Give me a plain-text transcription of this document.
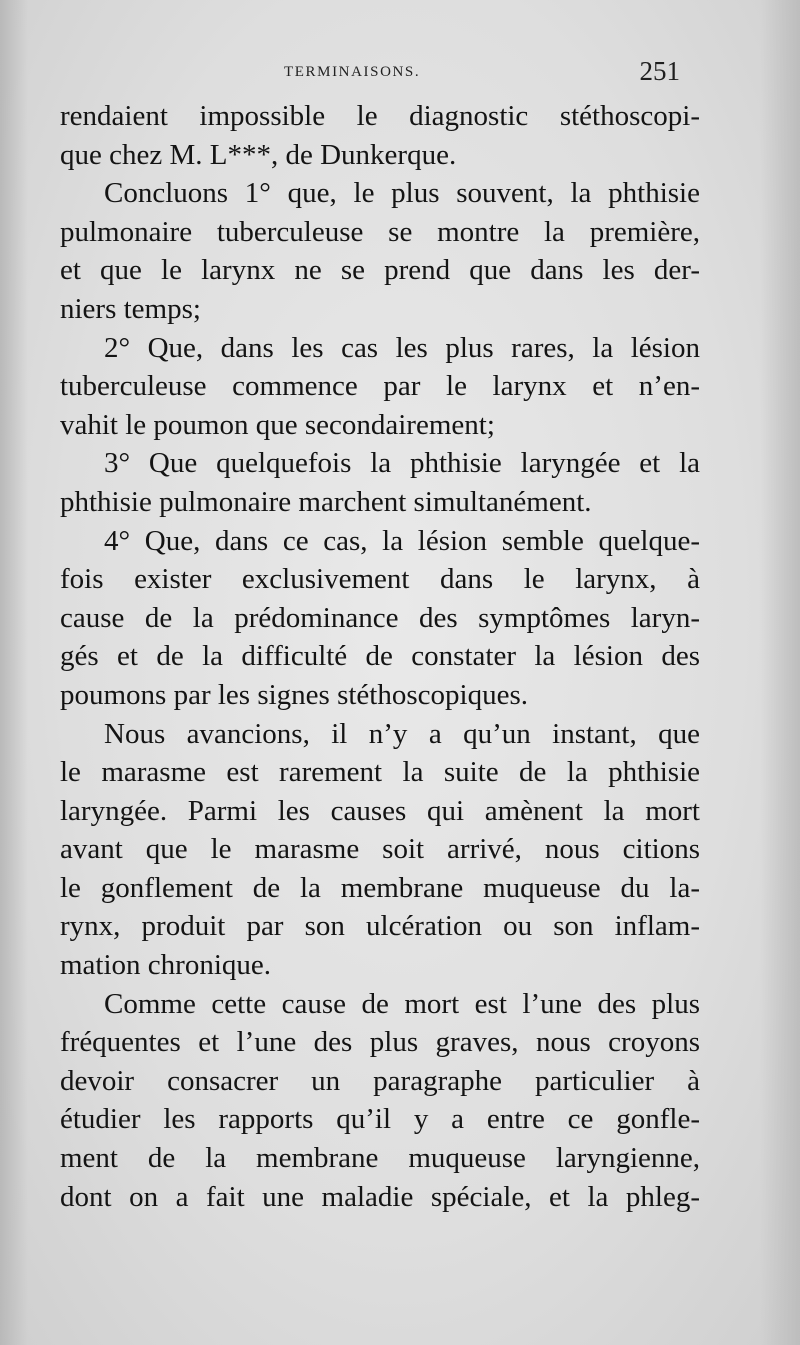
TERMINAISONS.	251
rendaient impossible le diagnostic stéthoscopi-
que chez M. L***, de Dunkerque.
Concluons 1° que, le plus souvent, la phthisie
pulmonaire tuberculeuse se montre la première,
et que le larynx ne se prend que dans les der-
niers temps;
2° Que, dans les cas les plus rares, la lésion
tuberculeuse commence par le larynx et n’en-
vahit le poumon que secondairement;
3° Que quelquefois la phthisie laryngée et la
phthisie pulmonaire marchent simultanément.
4° Que, dans ce cas, la lésion semble quelque-
fois exister exclusivement dans le larynx, à
cause de la prédominance des symptômes laryn-
gés et de la difficulté de constater la lésion des
poumons par les signes stéthoscopiques.
Nous avancions, il n’y a qu’un instant, que
le marasme est rarement la suite de la phthisie
laryngée. Parmi les causes qui amènent la mort
avant que le marasme soit arrivé, nous citions
le gonflement de la membrane muqueuse du la-
rynx, produit par son ulcération ou son inflam-
mation chronique.
Comme cette cause de mort est l’une des plus
fréquentes et l’une des plus graves, nous croyons
devoir consacrer un paragraphe particulier à
étudier les rapports qu’il y a entre ce gonfle-
ment de la membrane muqueuse laryngienne,
dont on a fait une maladie spéciale, et la phleg-
